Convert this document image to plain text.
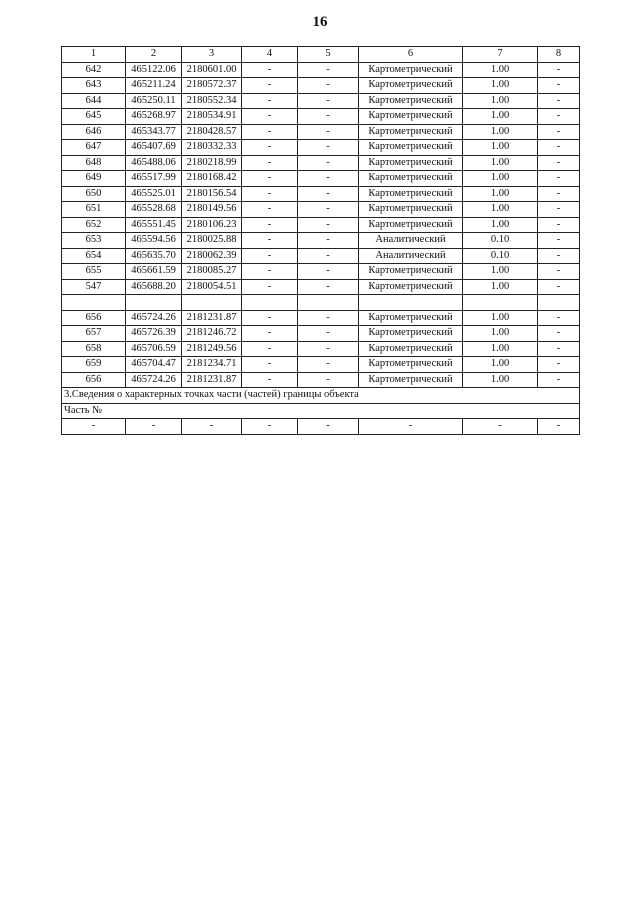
16
1	2	3	4	5	6	7	8
642	465122.06	2180601.00	-	-	Картометрический	1.00	-
643	465211.24	2180572.37	-	-	Картометрический	1.00	-
644	465250.11	2180552.34	-	-	Картометрический	1.00	-
645	465268.97	2180534.91	-	-	Картометрический	1.00	-
646	465343.77	2180428.57	-	-	Картометрический	1.00	-
647	465407.69	2180332.33	-	-	Картометрический	1.00	-
648	465488.06	2180218.99	-	-	Картометрический	1.00	-
649	465517.99	2180168.42	-	-	Картометрический	1.00	-
650	465525.01	2180156.54	-	-	Картометрический	1.00	-
651	465528.68	2180149.56	-	-	Картометрический	1.00	-
652	465551.45	2180106.23	-	-	Картометрический	1.00	-
653	465594.56	2180025.88	-	-	Аналитический	0.10	-
654	465635.70	2180062.39	-	-	Аналитический	0.10	-
655	465661.59	2180085.27	-	-	Картометрический	1.00	-
547	465688.20	2180054.51	-	-	Картометрический	1.00	-

656	465724.26	2181231.87	-	-	Картометрический	1.00	-
657	465726.39	2181246.72	-	-	Картометрический	1.00	-
658	465706.59	2181249.56	-	-	Картометрический	1.00	-
659	465704.47	2181234.71	-	-	Картометрический	1.00	-
656	465724.26	2181231.87	-	-	Картометрический	1.00	-
3.Сведения о характерных точках части (частей) границы объекта							
Часть №							
-	-	-	-	-	-	-	-
